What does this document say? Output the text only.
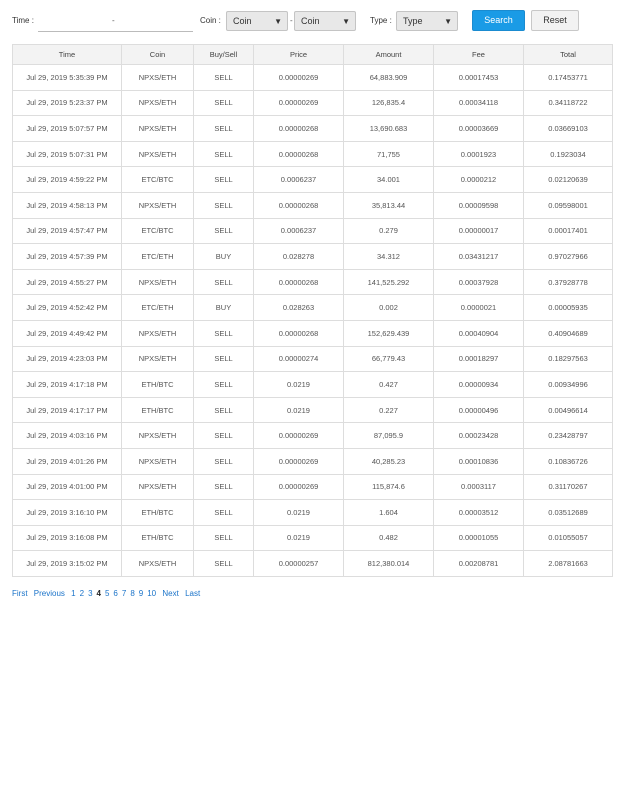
Time :	-	Coin :	Coin	▼ - Coin	▼	Type :	Type	▼	Search	Reset
Time	Coin	Buy/Sell	Price	Amount	Fee	Total
Jul 29, 2019 5:35:39 PM	NPXS/ETH	SELL	0.00000269	64,883.909	0.00017453	0.17453771
Jul 29, 2019 5:23:37 PM	NPXS/ETH	SELL	0.00000269	126,835.4	0.00034118	0.34118722
Jul 29, 2019 5:07:57 PM	NPXS/ETH	SELL	0.00000268	13,690.683	0.00003669	0.03669103
Jul 29, 2019 5:07:31 PM	NPXS/ETH	SELL	0.00000268	71,755	0.0001923	0.1923034
Jul 29, 2019 4:59:22 PM	ETC/BTC	SELL	0.0006237	34.001	0.0000212	0.02120639
Jul 29, 2019 4:58:13 PM	NPXS/ETH	SELL	0.00000268	35,813.44	0.00009598	0.09598001
Jul 29, 2019 4:57:47 PM	ETC/BTC	SELL	0.0006237	0.279	0.00000017	0.00017401
Jul 29, 2019 4:57:39 PM	ETC/ETH	BUY	0.028278	34.312	0.03431217	0.97027966
Jul 29, 2019 4:55:27 PM	NPXS/ETH	SELL	0.00000268	141,525.292	0.00037928	0.37928778
Jul 29, 2019 4:52:42 PM	ETC/ETH	BUY	0.028263	0.002	0.0000021	0.00005935
Jul 29, 2019 4:49:42 PM	NPXS/ETH	SELL	0.00000268	152,629.439	0.00040904	0.40904689
Jul 29, 2019 4:23:03 PM	NPXS/ETH	SELL	0.00000274	66,779.43	0.00018297	0.18297563
Jul 29, 2019 4:17:18 PM	ETH/BTC	SELL	0.0219	0.427	0.00000934	0.00934996
Jul 29, 2019 4:17:17 PM	ETH/BTC	SELL	0.0219	0.227	0.00000496	0.00496614
Jul 29, 2019 4:03:16 PM	NPXS/ETH	SELL	0.00000269	87,095.9	0.00023428	0.23428797
Jul 29, 2019 4:01:26 PM	NPXS/ETH	SELL	0.00000269	40,285.23	0.00010836	0.10836726
Jul 29, 2019 4:01:00 PM	NPXS/ETH	SELL	0.00000269	115,874.6	0.0003117	0.31170267
Jul 29, 2019 3:16:10 PM	ETH/BTC	SELL	0.0219	1.604	0.00003512	0.03512689
Jul 29, 2019 3:16:08 PM	ETH/BTC	SELL	0.0219	0.482	0.00001055	0.01055057
Jul 29, 2019 3:15:02 PM	NPXS/ETH	SELL	0.00000257	812,380.014	0.00208781	2.08781663
First Previous 1 2 3 4 5 6 7 8 9 10 Next Last
